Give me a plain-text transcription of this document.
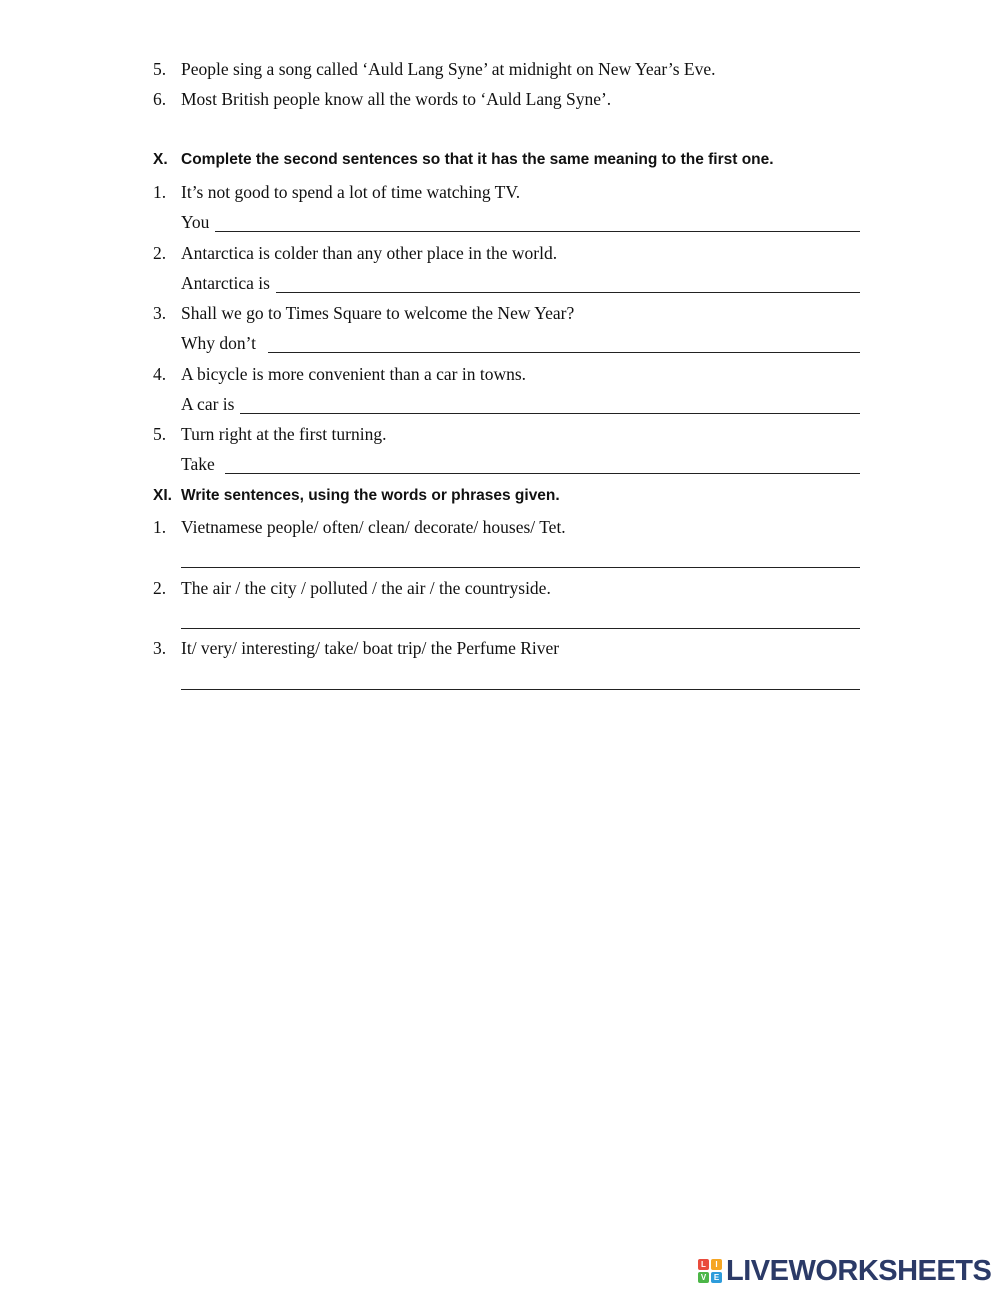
5. People sing a song called ‘Auld Lang Syne’ at midnight on New Year’s Eve.
6. Most British people know all the words to ‘Auld Lang Syne’.
X. Complete the second sentences so that it has the same meaning to the first one.
1. It’s not good to spend a lot of time watching TV.
You
2. Antarctica is colder than any other place in the world.
Antarctica is
3. Shall we go to Times Square to welcome the New Year?
Why don’t
4. A bicycle is more convenient than a car in towns.
A car is
5. Turn right at the first turning.
Take
XI. Write sentences, using the words or phrases given.
1. Vietnamese people/ often/ clean/ decorate/ houses/ Tet.
2. The air / the city / polluted / the air / the countryside.
3. It/ very/ interesting/ take/ boat trip/ the Perfume River
L	I
V E LIVEWORKSHEETS
